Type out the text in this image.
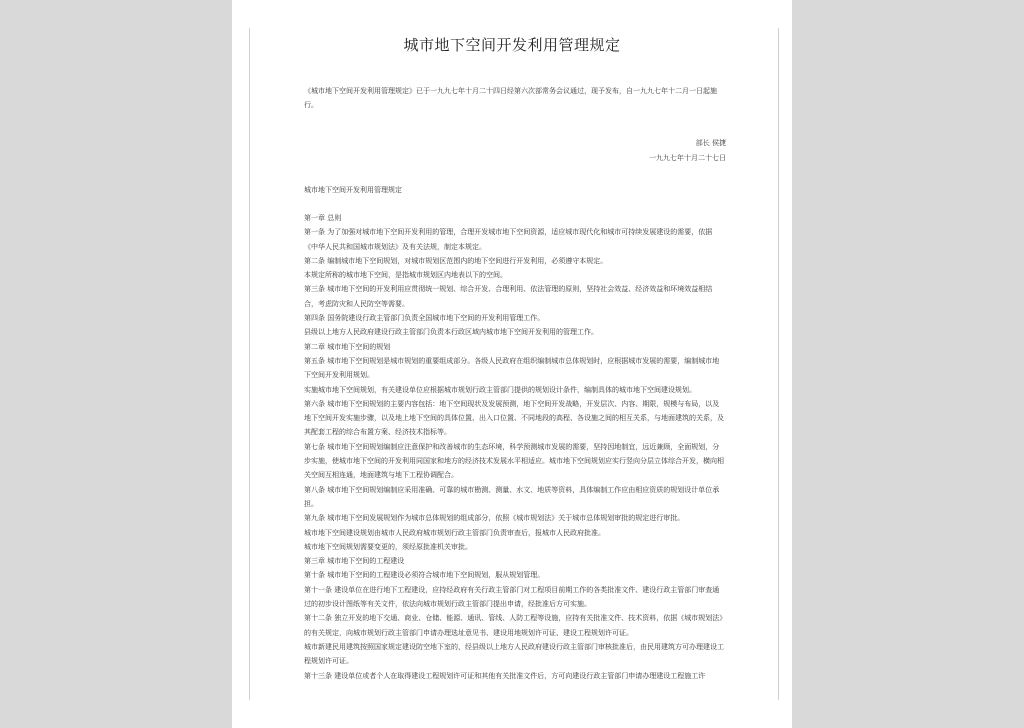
城市地下空间开发利用管理规定
《城市地下空间开发利用管理规定》已于一九九七年十月二十四日经第六次部常务会议通过，现予发布，自一九九七年十二月一日起施行。
部长 侯捷
一九九七年十月二十七日
城市地下空间开发利用管理规定

第一章 总则

第一条 为了加强对城市地下空间开发利用的管理，合理开发城市地下空间资源，适应城市现代化和城市可持续发展建设的需要，依据《中华人民共和国城市规划法》及有关法规，制定本规定。

第二条 编制城市地下空间规划，对城市规划区范围内的地下空间进行开发利用，必须遵守本规定。

本规定所称的城市地下空间，是指城市规划区内地表以下的空间。

第三条 城市地下空间的开发利用应贯彻统一规划、综合开发、合理利用、依法管理的原则，坚持社会效益、经济效益和环境效益相结合，考虑防灾和人民防空等需要。

第四条 国务院建设行政主管部门负责全国城市地下空间的开发利用管理工作。

县级以上地方人民政府建设行政主管部门负责本行政区域内城市地下空间开发利用的管理工作。

第二章 城市地下空间的规划

第五条 城市地下空间规划是城市规划的重要组成部分。各级人民政府在组织编制城市总体规划时，应根据城市发展的需要，编制城市地下空间开发利用规划。

实施城市地下空间规划，有关建设单位应根据城市规划行政主管部门提供的规划设计条件，编制具体的城市地下空间建设规划。

第六条 城市地下空间规划的主要内容包括：地下空间现状及发展预测，地下空间开发战略，开发层次、内容、期限，规模与布局，以及地下空间开发实施步骤，以及地上地下空间的具体位置、出入口位置、不同地段的高程、各设施之间的相互关系，与地面建筑的关系，及其配套工程的综合布置方案、经济技术指标等。

第七条 城市地下空间规划编制应注意保护和改善城市的生态环境，科学预测城市发展的需要，坚持因地制宜，远近兼顾，全面规划，分步实施，使城市地下空间的开发利用同国家和地方的经济技术发展水平相适应。城市地下空间规划应实行竖向分层立体综合开发，横向相关空间互相连通，地面建筑与地下工程协调配合。

第八条 城市地下空间规划编制应采用准确、可靠的城市勘测、测量、水文、地质等资料，具体编制工作应由相应资质的规划设计单位承担。

第九条 城市地下空间发展规划作为城市总体规划的组成部分，依照《城市规划法》关于城市总体规划审批的规定进行审批。

城市地下空间建设规划由城市人民政府城市规划行政主管部门负责审查后，报城市人民政府批准。

城市地下空间规划需要变更的，须经原批准机关审批。

第三章 城市地下空间的工程建设

第十条 城市地下空间的工程建设必须符合城市地下空间规划，服从规划管理。

第十一条 建设单位在进行地下工程建设，应持经政府有关行政主管部门对工程项目前期工作的各类批准文件、建设行政主管部门审查通过的初步设计图纸等有关文件，依法向城市规划行政主管部门提出申请，经批准后方可实施。

第十二条 独立开发的地下交通、商业、仓储、能源、通讯、管线、人防工程等设施，应持有关批准文件、技术资料，依据《城市规划法》的有关规定，向城市规划行政主管部门申请办理选址意见书、建设用地规划许可证、建设工程规划许可证。

城市新建民用建筑按照国家规定建设防空地下室的，经县级以上地方人民政府建设行政主管部门审核批准后，由民用建筑方可办理建设工程规划许可证。

第十三条 建设单位或者个人在取得建设工程规划许可证和其他有关批准文件后，方可向建设行政主管部门申请办理建设工程施工许
